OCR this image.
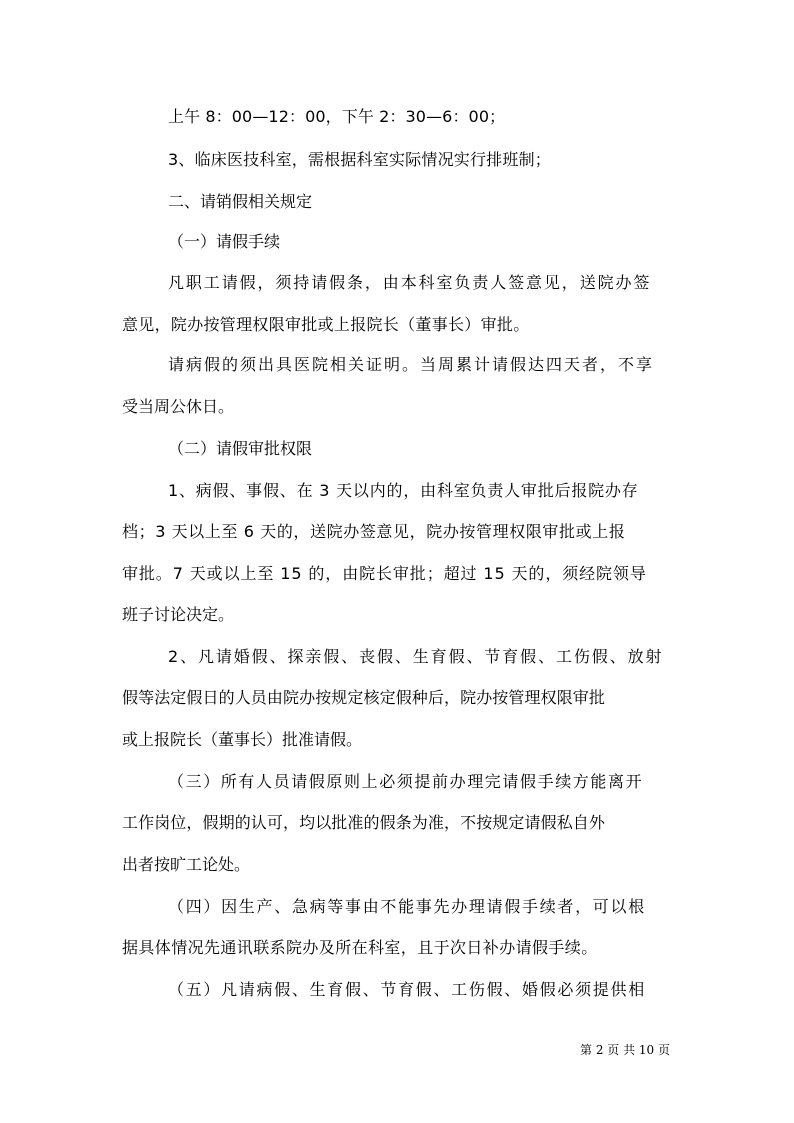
上午 8：00—12：00，下午 2：30—6：00；
3、临床医技科室，需根据科室实际情况实行排班制；
二、请销假相关规定
（一）请假手续
凡职工请假，须持请假条，由本科室负责人签意见，送院办签
意见，院办按管理权限审批或上报院长（董事长）审批。
请病假的须出具医院相关证明。当周累计请假达四天者，不享
受当周公休日。
（二）请假审批权限
1、病假、事假、在 3 天以内的，由科室负责人审批后报院办存
档；3 天以上至 6 天的，送院办签意见，院办按管理权限审批或上报
审批。7 天或以上至 15 的，由院长审批；超过 15 天的，须经院领导
班子讨论决定。
2、凡请婚假、探亲假、丧假、生育假、节育假、工伤假、放射
假等法定假日的人员由院办按规定核定假种后，院办按管理权限审批
或上报院长（董事长）批准请假。
（三）所有人员请假原则上必须提前办理完请假手续方能离开
工作岗位，假期的认可，均以批准的假条为准，不按规定请假私自外
出者按旷工论处。
（四）因生产、急病等事由不能事先办理请假手续者，可以根
据具体情况先通讯联系院办及所在科室，且于次日补办请假手续。
（五）凡请病假、生育假、节育假、工伤假、婚假必须提供相
第 2 页 共 10 页
